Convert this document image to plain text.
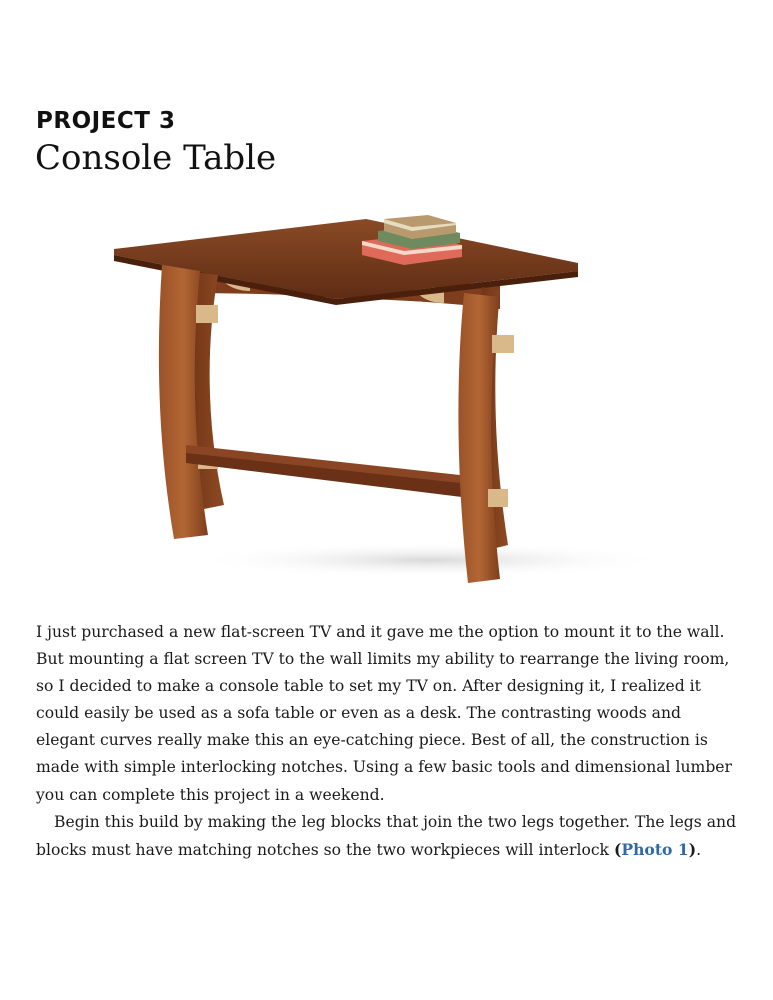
PROJECT 3
Console Table

I just purchased a new flat-screen TV and it gave me the option to mount it to the wall.

But mounting a flat screen TV to the wall limits my ability to rearrange the living room,

so I decided to make a console table to set my TV on. After designing it, I realized it

could easily be used as a sofa table or even as a desk. The contrasting woods and

elegant curves really make this an eye-catching piece. Best of all, the construction is

made with simple interlocking notches. Using a few basic tools and dimensional lumber

you can complete this project in a weekend.

Begin this build by making the leg blocks that join the two legs together. The legs and

blocks must have matching notches so the two workpieces will interlock (Photo 1).
